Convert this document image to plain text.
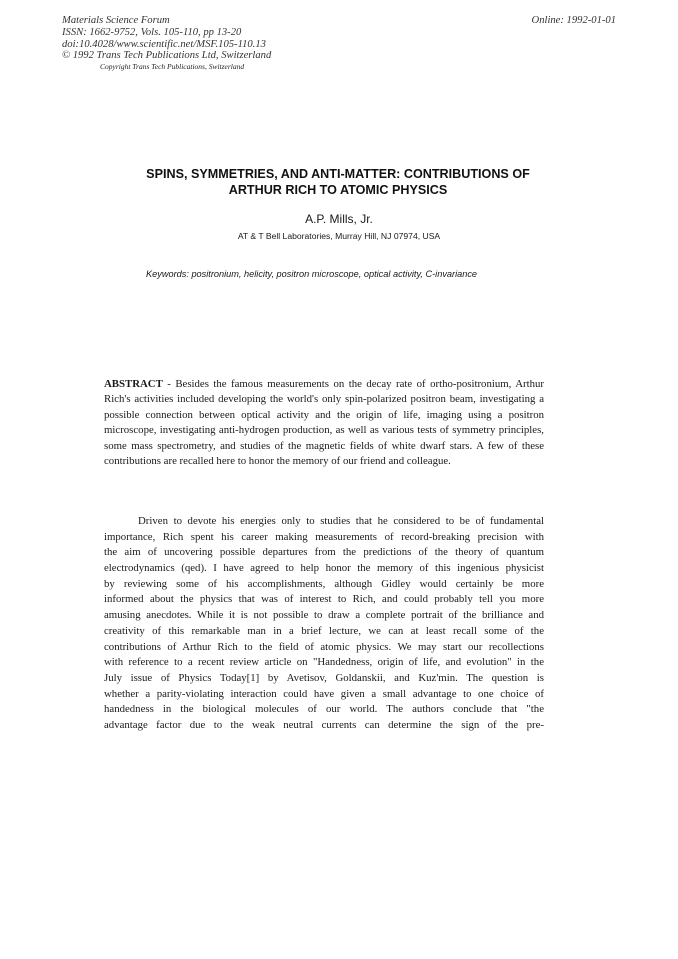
Materials Science Forum
ISSN: 1662-9752, Vols. 105-110, pp 13-20
doi:10.4028/www.scientific.net/MSF.105-110.13
© 1992 Trans Tech Publications Ltd, Switzerland
Copyright Trans Tech Publications, Switzerland
Online: 1992-01-01
SPINS, SYMMETRIES, AND ANTI-MATTER: CONTRIBUTIONS OF
ARTHUR RICH TO ATOMIC PHYSICS
A.P. Mills, Jr.
AT & T Bell Laboratories, Murray Hill, NJ 07974, USA
Keywords: positronium, helicity, positron microscope, optical activity, C-invariance
ABSTRACT - Besides the famous measurements on the decay rate of ortho-positronium, Arthur Rich's activities included developing the world's only spin-polarized positron beam, investigating a possible connection between optical activity and the origin of life, imaging using a positron microscope, investigating anti-hydrogen production, as well as various tests of symmetry principles, some mass spectrometry, and studies of the magnetic fields of white dwarf stars. A few of these contributions are recalled here to honor the memory of our friend and colleague.
Driven to devote his energies only to studies that he considered to be of fundamental
importance, Rich spent his career making measurements of record-breaking precision with
the aim of uncovering possible departures from the predictions of the theory of quantum
electrodynamics (qed). I have agreed to help honor the memory of this ingenious physicist
by reviewing some of his accomplishments, although Gidley would certainly be more
informed about the physics that was of interest to Rich, and could probably tell you more
amusing anecdotes. While it is not possible to draw a complete portrait of the brilliance and
creativity of this remarkable man in a brief lecture, we can at least recall some of the
contributions of Arthur Rich to the field of atomic physics. We may start our recollections
with reference to a recent review article on "Handedness, origin of life, and evolution" in the
July issue of Physics Today[1] by Avetisov, Goldanskii, and Kuz'min. The question is
whether a parity-violating interaction could have given a small advantage to one choice of
handedness in the biological molecules of our world. The authors conclude that "the
advantage factor due to the weak neutral currents can determine the sign of the pre-
